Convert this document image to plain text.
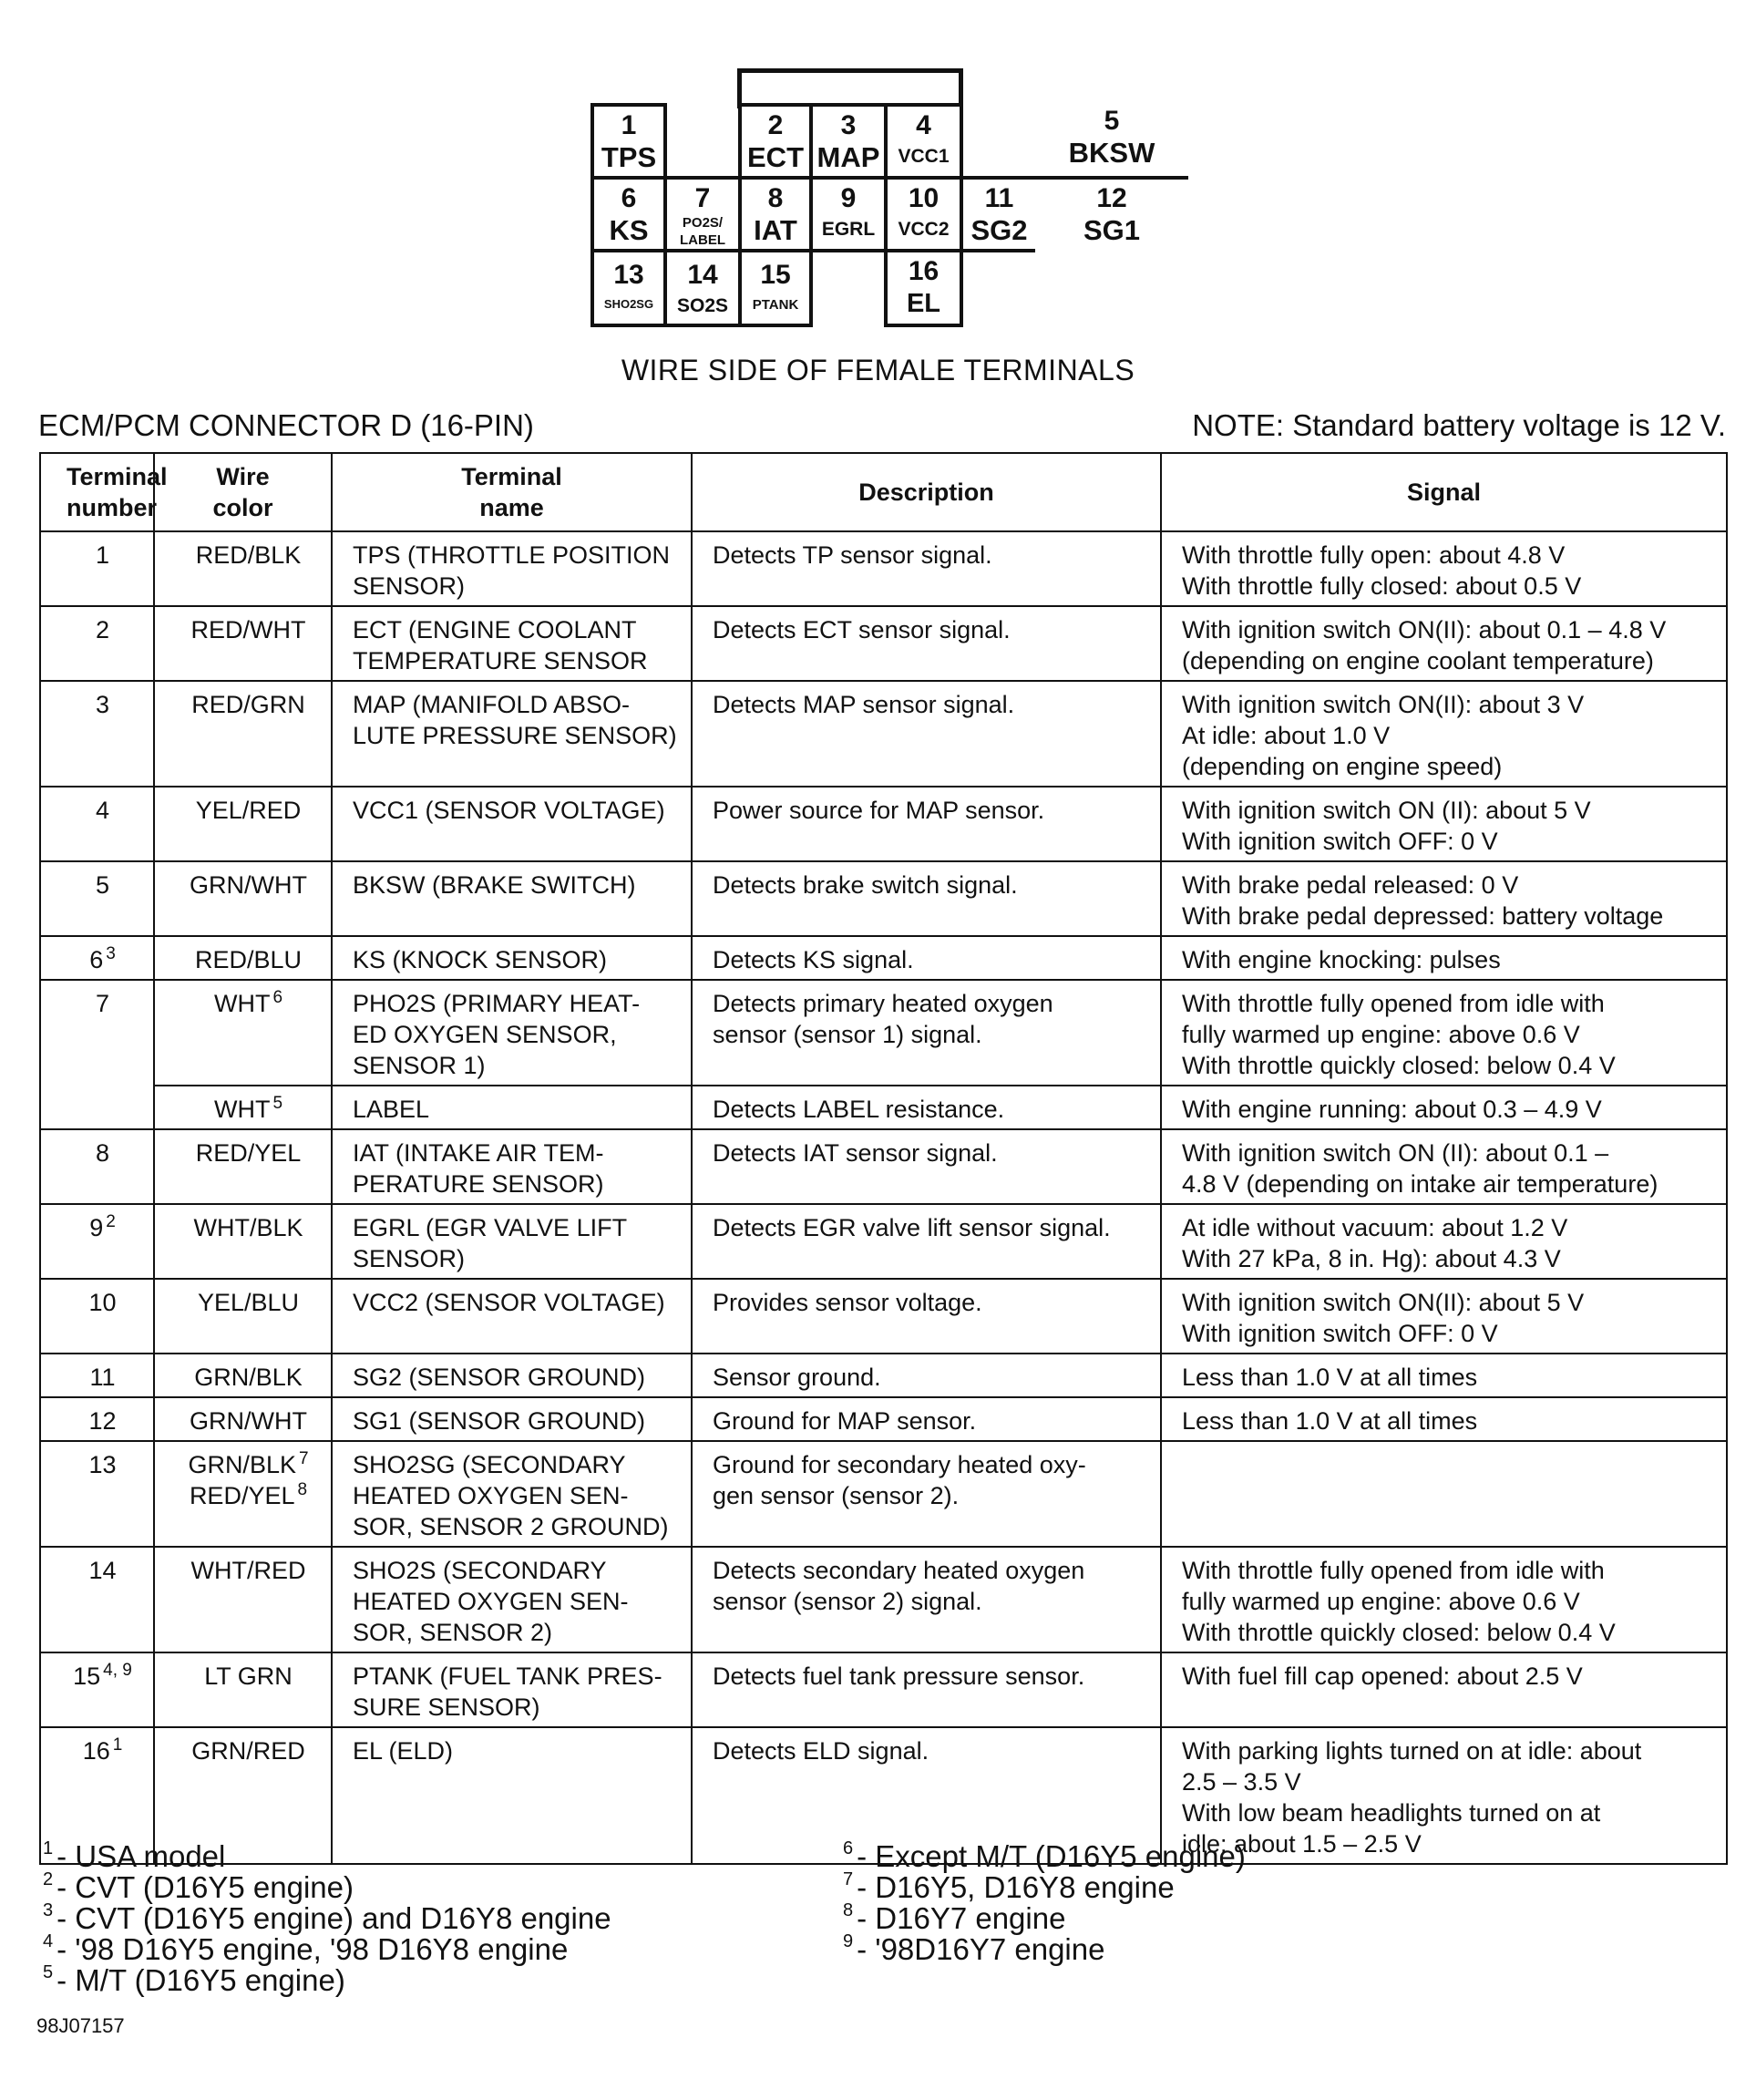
1
TPS
2
ECT
3
MAP
4
VCC1
5
BKSW
6
KS
7
PO2S/ LABEL
8
IAT
9
EGRL
10
VCC2
11
SG2
12
SG1
13
SHO2SG
14
SO2S
15
PTANK
16
EL
WIRE SIDE OF FEMALE TERMINALS
ECM/PCM CONNECTOR D (16-PIN)	NOTE: Standard battery voltage is 12 V.
Terminal number	Wire color	Terminal name	Description	Signal
1	RED/BLK	TPS (THROTTLE POSITION SENSOR)	Detects TP sensor signal.	With throttle fully open: about 4.8 V
With throttle fully closed: about 0.5 V
2	RED/WHT	ECT (ENGINE COOLANT TEMPERATURE SENSOR	Detects ECT sensor signal.	With ignition switch ON(II): about 0.1 – 4.8 V
(depending on engine coolant temperature)
3	RED/GRN	MAP (MANIFOLD ABSO-
LUTE PRESSURE SENSOR)	Detects MAP sensor signal.	With ignition switch ON(II): about 3 V
At idle: about 1.0 V
(depending on engine speed)
4	YEL/RED	VCC1 (SENSOR VOLTAGE)	Power source for MAP sensor.	With ignition switch ON (II): about 5 V
With ignition switch OFF: 0 V
5	GRN/WHT	BKSW (BRAKE SWITCH)	Detects brake switch signal.	With brake pedal released: 0 V
With brake pedal depressed: battery voltage
6 $^3$	RED/BLU	KS (KNOCK SENSOR)	Detects KS signal.	With engine knocking: pulses
7	WHT $^6$	PHO2S (PRIMARY HEAT-
ED OXYGEN SENSOR,
SENSOR 1)	Detects primary heated oxygen
sensor (sensor 1) signal.	With throttle fully opened from idle with
fully warmed up engine: above 0.6 V
With throttle quickly closed: below 0.4 V
	WHT $^5$	LABEL	Detects LABEL resistance.	With engine running: about 0.3 – 4.9 V
8	RED/YEL	IAT (INTAKE AIR TEM-
PERATURE SENSOR)	Detects IAT sensor signal.	With ignition switch ON (II): about 0.1 –
4.8 V (depending on intake air temperature)
9 $^2$	WHT/BLK	EGRL (EGR VALVE LIFT
SENSOR)	Detects EGR valve lift sensor signal.	At idle without vacuum: about 1.2 V
With 27 kPa, 8 in. Hg): about 4.3 V
10	YEL/BLU	VCC2 (SENSOR VOLTAGE)	Provides sensor voltage.	With ignition switch ON(II): about 5 V
With ignition switch OFF: 0 V
11	GRN/BLK	SG2 (SENSOR GROUND)	Sensor ground.	Less than 1.0 V at all times
12	GRN/WHT	SG1 (SENSOR GROUND)	Ground for MAP sensor.	Less than 1.0 V at all times
13	GRN/BLK $^7$
RED/YEL $^8$	SHO2SG (SECONDARY
HEATED OXYGEN SEN-
SOR, SENSOR 2 GROUND)	Ground for secondary heated oxy-
gen sensor (sensor 2).	
14	WHT/RED	SHO2S (SECONDARY
HEATED OXYGEN SEN-
SOR, SENSOR 2)	Detects secondary heated oxygen
sensor (sensor 2) signal.	With throttle fully opened from idle with
fully warmed up engine: above 0.6 V
With throttle quickly closed: below 0.4 V
15 $^{4, 9}$	LT GRN	PTANK (FUEL TANK PRES-
SURE SENSOR)	Detects fuel tank pressure sensor.	With fuel fill cap opened: about 2.5 V
16 $^1$	GRN/RED	EL (ELD)	Detects ELD signal.	With parking lights turned on at idle: about
2.5 – 3.5 V
With low beam headlights turned on at
idle: about 1.5 – 2.5 V
$^1$ - USA model
$^2$ - CVT (D16Y5 engine)
$^3$ - CVT (D16Y5 engine) and D16Y8 engine
$^4$ - '98 D16Y5 engine, '98 D16Y8 engine
$^5$ - M/T (D16Y5 engine)
$^6$ - Except M/T (D16Y5 engine)
$^7$ - D16Y5, D16Y8 engine
$^8$ - D16Y7 engine
$^9$ - '98D16Y7 engine
98J07157
